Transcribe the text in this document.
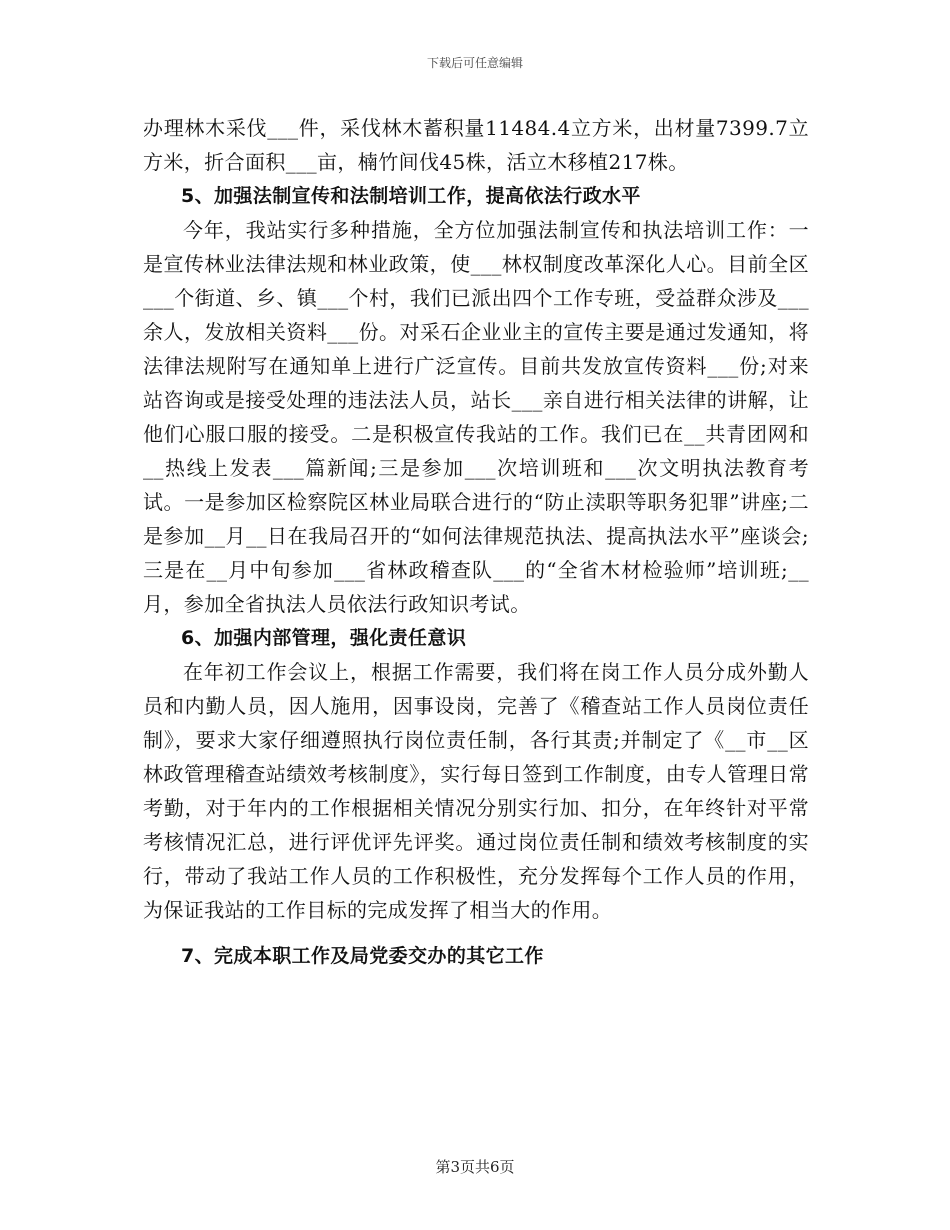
下载后可任意编辑

办理林木采伐___件，采伐林木蓄积量11484.4立方米，出材量7399.7立方米，折合面积___亩，楠竹间伐45株，活立木移植217株。

5、加强法制宣传和法制培训工作，提高依法行政水平

今年，我站实行多种措施，全方位加强法制宣传和执法培训工作：一是宣传林业法律法规和林业政策，使___林权制度改革深化人心。目前全区___个街道、乡、镇___个村，我们已派出四个工作专班，受益群众涉及___余人，发放相关资料___份。对采石企业业主的宣传主要是通过发通知，将法律法规附写在通知单上进行广泛宣传。目前共发放宣传资料___份;对来站咨询或是接受处理的违法法人员，站长___亲自进行相关法律的讲解，让他们心服口服的接受。二是积极宣传我站的工作。我们已在__共青团网和__热线上发表___篇新闻;三是参加___次培训班和___次文明执法教育考试。一是参加区检察院区林业局联合进行的“防止渎职等职务犯罪”讲座;二是参加__月__日在我局召开的“如何法律规范执法、提高执法水平”座谈会;三是在__月中旬参加___省林政稽查队___的“全省木材检验师”培训班;__月，参加全省执法人员依法行政知识考试。

6、加强内部管理，强化责任意识

在年初工作会议上，根据工作需要，我们将在岗工作人员分成外勤人员和内勤人员，因人施用，因事设岗，完善了《稽查站工作人员岗位责任制》，要求大家仔细遵照执行岗位责任制，各行其责;并制定了《__市__区林政管理稽查站绩效考核制度》，实行每日签到工作制度，由专人管理日常考勤，对于年内的工作根据相关情况分别实行加、扣分，在年终针对平常考核情况汇总，进行评优评先评奖。通过岗位责任制和绩效考核制度的实行，带动了我站工作人员的工作积极性，充分发挥每个工作人员的作用，为保证我站的工作目标的完成发挥了相当大的作用。

7、完成本职工作及局党委交办的其它工作

第3页共6页
